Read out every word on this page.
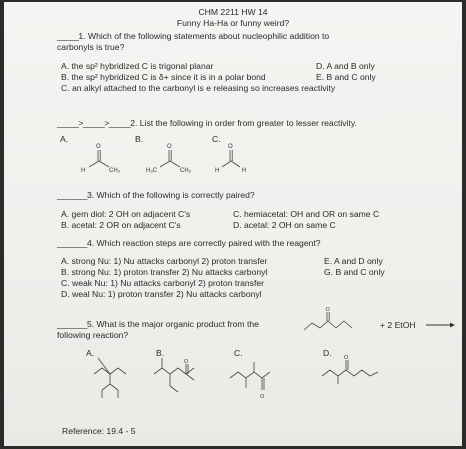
CHM 2211 HW 14
Funny Ha-Ha or funny weird?
_____1. Which of the following statements about nucleophilic addition to
carbonyls is true?
A. the sp² hybridized C is trigonal planar	D. A and B only
B. the sp² hybridized C is δ+ since it is in a polar bond	E. B and C only
C. an alkyl attached to the carbonyl is e releasing so increases reactivity
_____>_____>_____2. List the following in order from greater to lesser reactivity.
A.
O
H	CH₃
B.
O
H₃C	CH₃
C.
O
H	H
_______3. Which of the following is correctly paired?
A. gem diol: 2 OH on adjacent C's	C. hemiacetal: OH and OR on same C
B. acetal: 2 OR on adjacent C's	D. acetal: 2 OH on same C
_______4. Which reaction steps are correctly paired with the reagent?
A. strong Nu: 1) Nu attacks carbonyl 2) proton transfer	E. A and D only
B. strong Nu: 1) proton transfer 2) Nu attacks carbonyl	G. B and C only
C. weak Nu: 1) Nu attacks carbonyl 2) proton transfer
D. weal Nu: 1) proton transfer 2) Nu attacks carbonyl
_______5. What is the major organic product from the
following reaction?
O
+ 2 EtOH
A.	B.	C.	D.
O
O
O
Reference: 19.4 - 5
